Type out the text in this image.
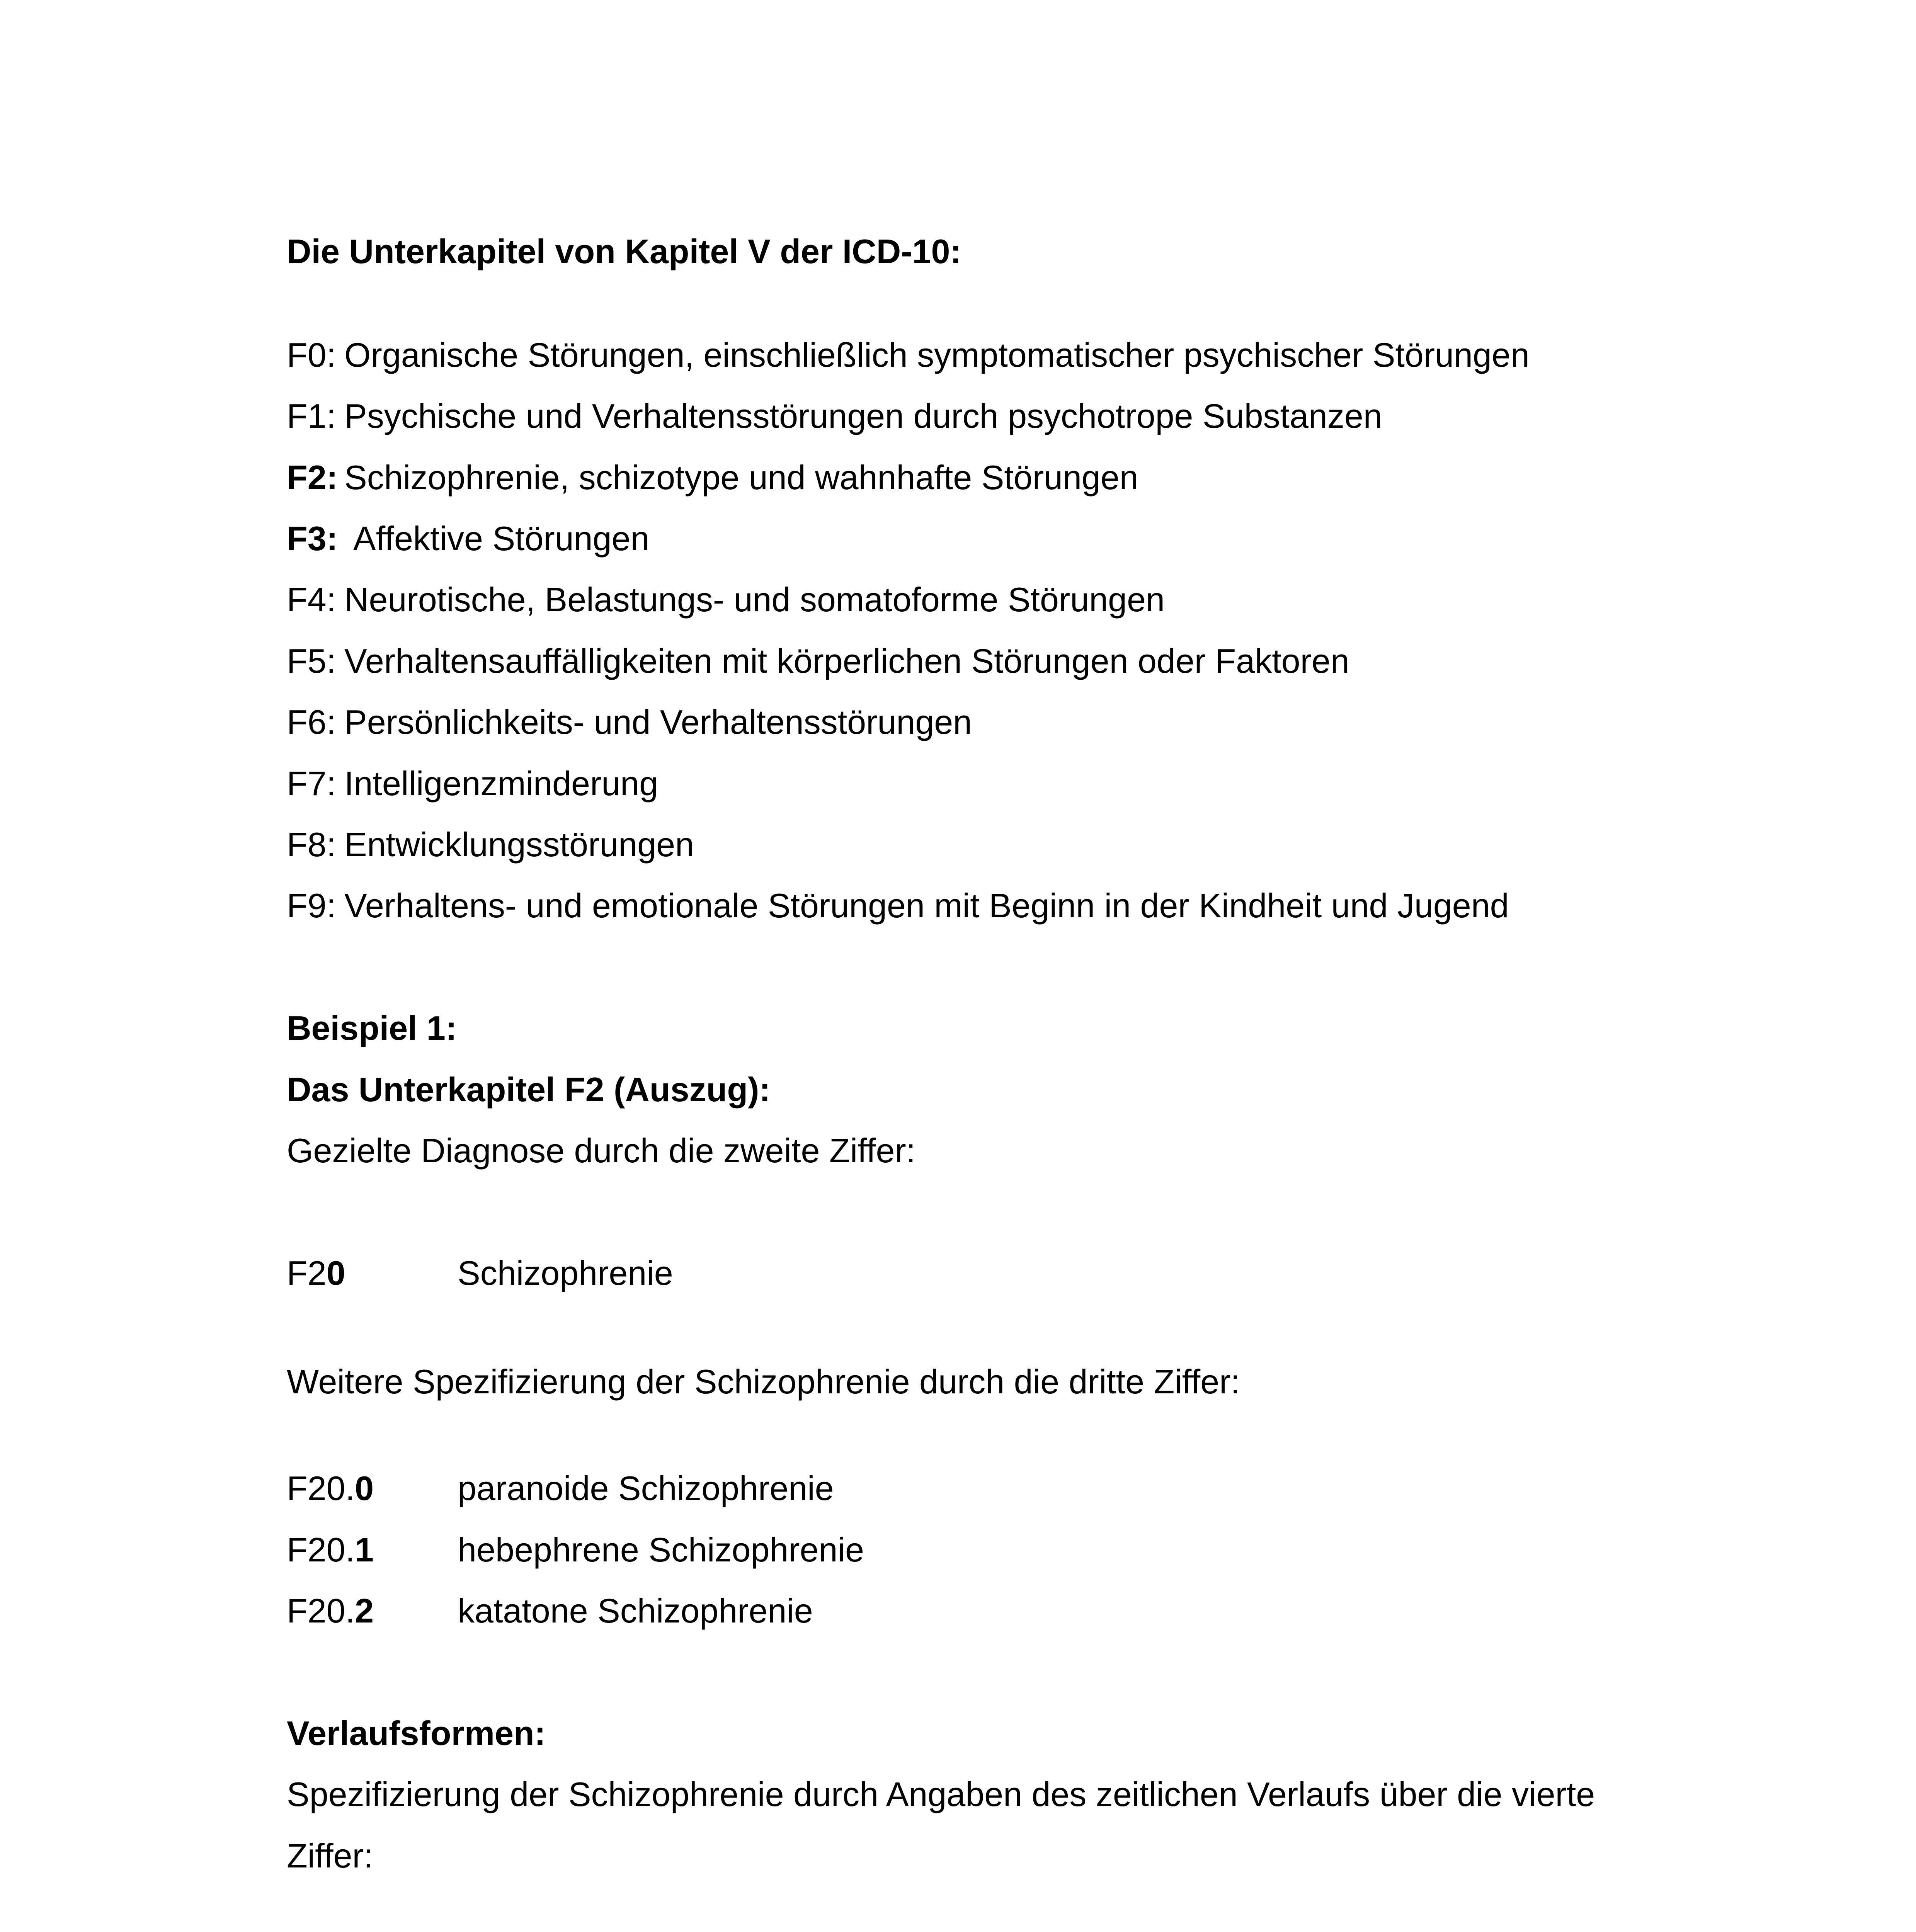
Die Unterkapitel von Kapitel V der ICD-10:
F0: Organische Störungen, einschließlich symptomatischer psychischer Störungen
F1: Psychische und Verhaltensstörungen durch psychotrope Substanzen
F2: Schizophrenie, schizotype und wahnhafte Störungen
F3: Affektive Störungen
F4: Neurotische, Belastungs- und somatoforme Störungen
F5: Verhaltensauffälligkeiten mit körperlichen Störungen oder Faktoren
F6: Persönlichkeits- und Verhaltensstörungen
F7: Intelligenzminderung
F8: Entwicklungsstörungen
F9: Verhaltens- und emotionale Störungen mit Beginn in der Kindheit und Jugend
Beispiel 1:
Das Unterkapitel F2 (Auszug):

Gezielte Diagnose durch die zweite Ziffer:

F20	Schizophrenie

Weitere Spezifizierung der Schizophrenie durch die dritte Ziffer:

F20.0 paranoide Schizophrenie
F20.1 hebephrene Schizophrenie
F20.2 katatone Schizophrenie
Verlaufsformen:

Spezifizierung der Schizophrenie durch Angaben des zeitlichen Verlaufs über die vierte

Ziffer:
